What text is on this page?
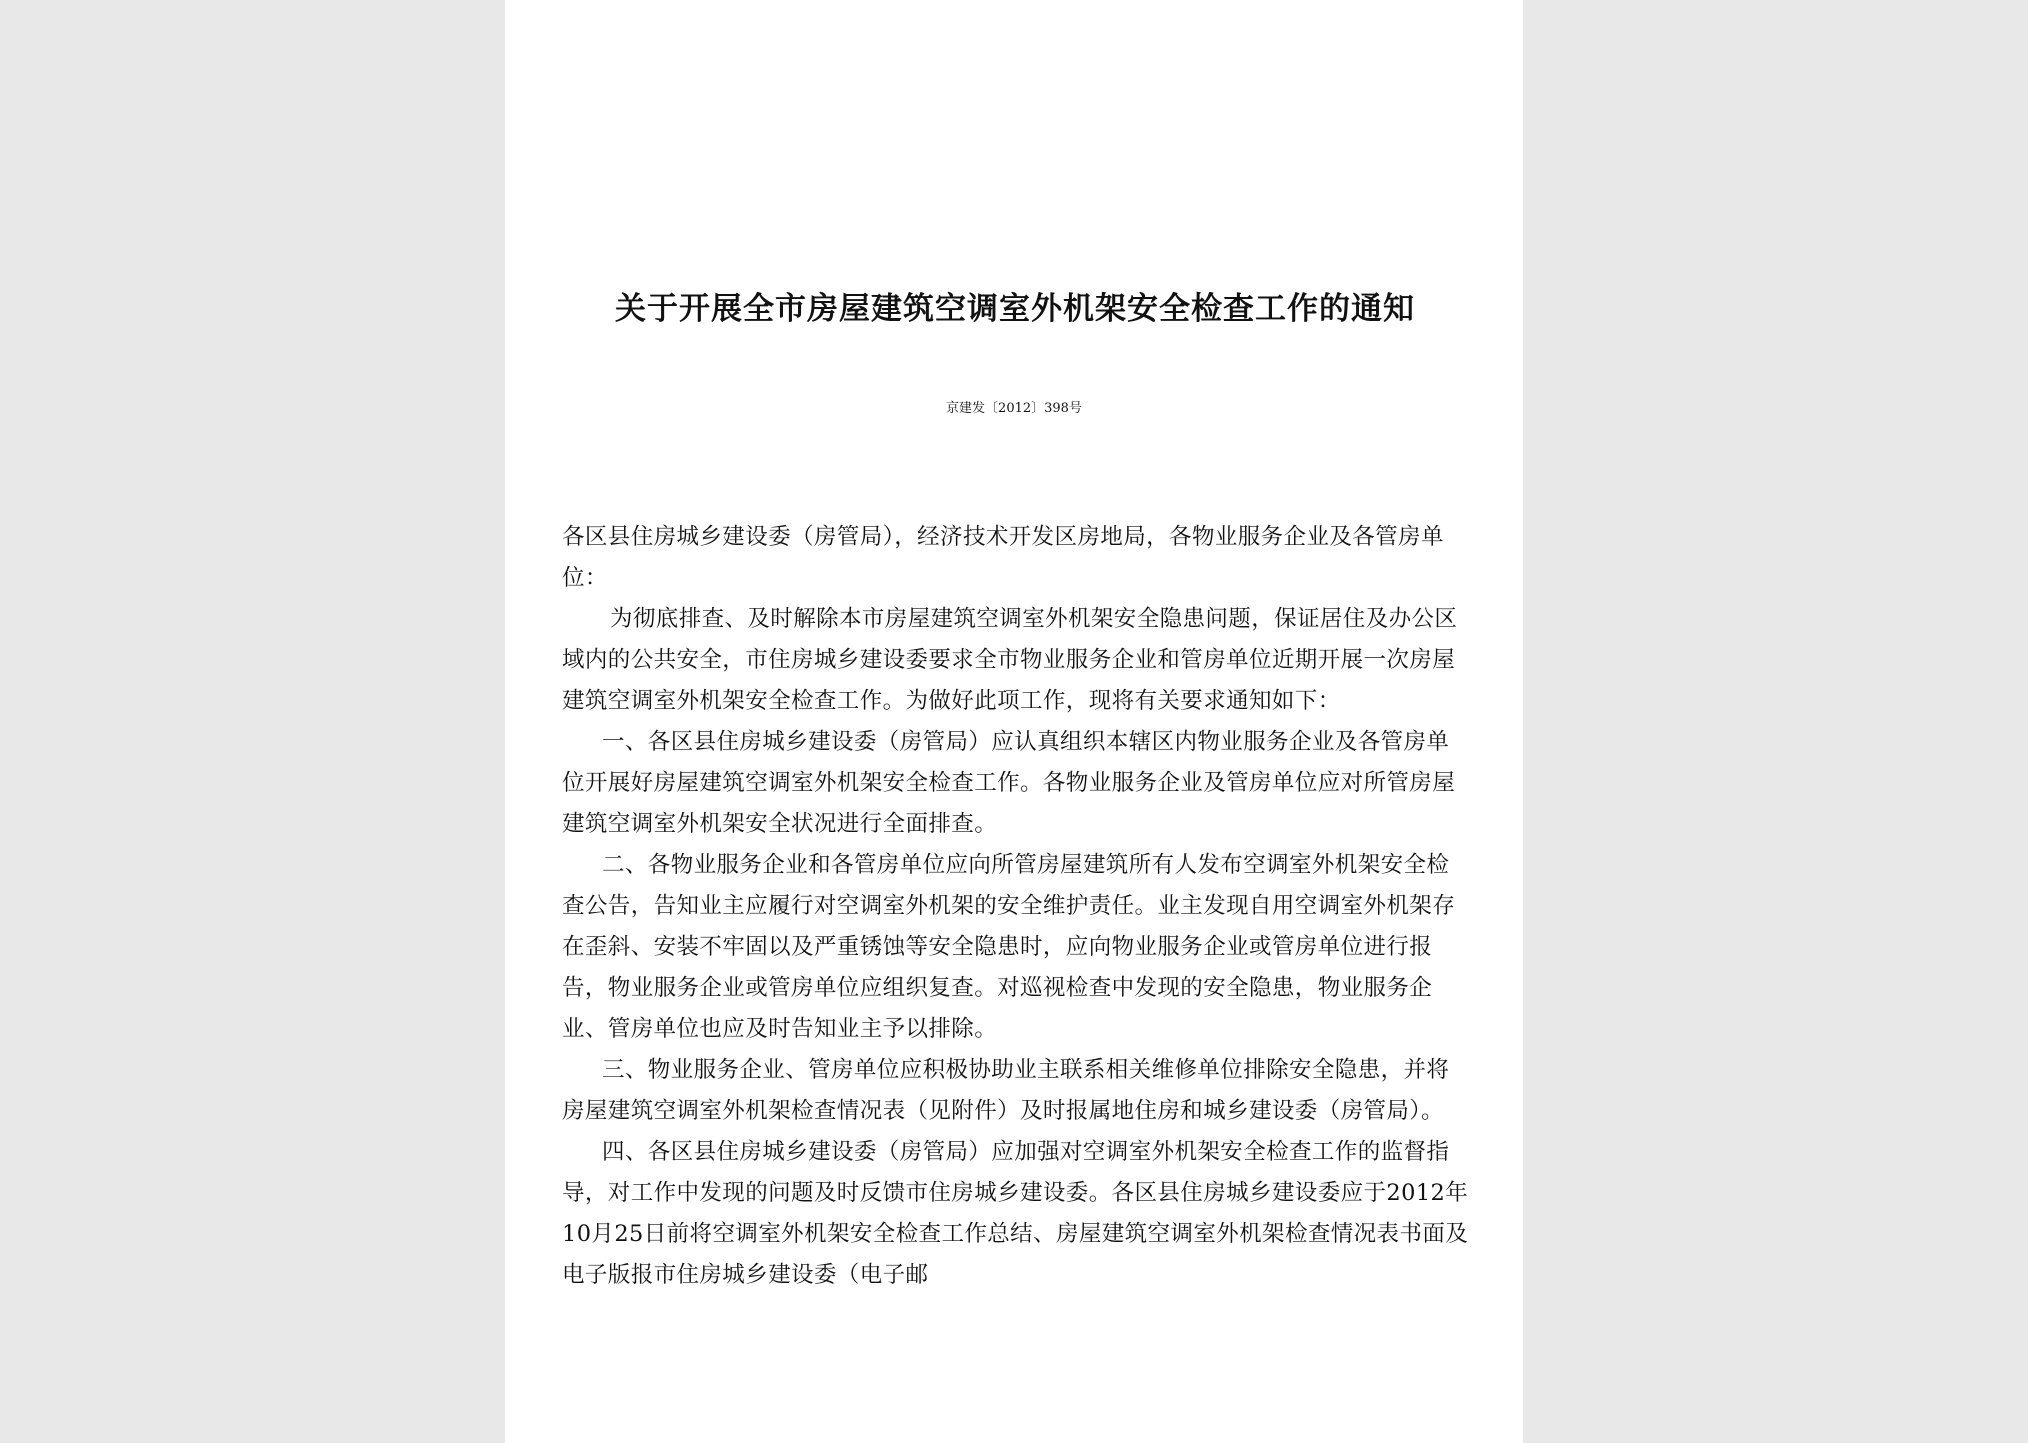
关于开展全市房屋建筑空调室外机架安全检查工作的通知
京建发〔2012〕398号

各区县住房城乡建设委（房管局），经济技术开发区房地局，各物业服务企业及各管房单位：

为彻底排查、及时解除本市房屋建筑空调室外机架安全隐患问题，保证居住及办公区域内的公共安全，市住房城乡建设委要求全市物业服务企业和管房单位近期开展一次房屋建筑空调室外机架安全检查工作。为做好此项工作，现将有关要求通知如下：

一、各区县住房城乡建设委（房管局）应认真组织本辖区内物业服务企业及各管房单位开展好房屋建筑空调室外机架安全检查工作。各物业服务企业及管房单位应对所管房屋建筑空调室外机架安全状况进行全面排查。

二、各物业服务企业和各管房单位应向所管房屋建筑所有人发布空调室外机架安全检查公告，告知业主应履行对空调室外机架的安全维护责任。业主发现自用空调室外机架存在歪斜、安装不牢固以及严重锈蚀等安全隐患时，应向物业服务企业或管房单位进行报告，物业服务企业或管房单位应组织复查。对巡视检查中发现的安全隐患，物业服务企业、管房单位也应及时告知业主予以排除。

三、物业服务企业、管房单位应积极协助业主联系相关维修单位排除安全隐患，并将房屋建筑空调室外机架检查情况表（见附件）及时报属地住房和城乡建设委（房管局）。

四、各区县住房城乡建设委（房管局）应加强对空调室外机架安全检查工作的监督指导，对工作中发现的问题及时反馈市住房城乡建设委。各区县住房城乡建设委应于2012年10月25日前将空调室外机架安全检查工作总结、房屋建筑空调室外机架检查情况表书面及电子版报市住房城乡建设委（电子邮
